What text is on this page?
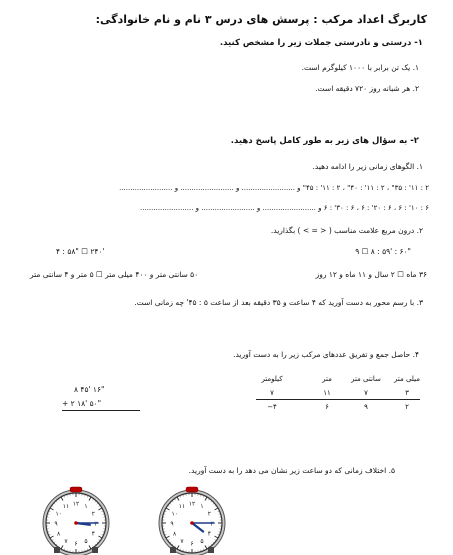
کاربرگ اعداد مرکب : پرسش های درس ۳ نام و نام خانوادگی:
۱- درستی و نادرستی جملات زیر را مشخص کنید.
۱. یک تن برابر با ۱۰۰۰ کیلوگرم است.
۲. هر شبانه روز ۷۲۰ دقیقه است.
۲- به سؤال های زیر به طور کامل پاسخ دهید.
۱. الگوهای زمانی زیر را ادامه دهید.
۲ : ۱۱' : ۳۵" ، ۲ : ۱۱' : ۴۰" ، ۲ : ۱۱' : ۴۵" و ........................ و ........................ و ........................
۶ : ۱۰' : ۶ ، ۶ : ۲۰' : ۶ ، ۶ : ۳۰' : ۶ و ........................ و ........................ و ........................
۲. درون مربع علامت مناسب ( < = > ) بگذارید.
۹ ☐ ۸ : ۵۹' : ۶۰"
۴ : ۵۸" ☐ ۲۴۰'
۳۶ ماه ☐ ۲ سال و ۱۱ ماه و ۱۲ روز
۵۰ سانتی متر و ۴۰۰ میلی متر ☐ ۵ متر و ۴ سانتی متر
۳. با رسم محور به دست آورید که ۴ ساعت و ۳۵ دقیقه بعد از ساعت ۵ : ۴۵' چه زمانی است.
۴. حاصل جمع و تفریق عددهای مرکب زیر را به دست آورید.
میلی متر
سانتی متر
متر
کیلومتر
۳
۷
۱۱
۷
۲
۹
۶
−۴
۸ ۴۵' ۱۶"
+ ۲ ۱۸' ۵۰"
۵. اختلاف زمانی که دو ساعت زیر نشان می دهد را به دست آورید.
۱
۲
۳
۴
۵
۶
۷
۸
۹
۱۰
۱۱ ۱۲	۱
۲
۳
۴
۵
۶
۷
۸
۹
۱۰
۱۱ ۱۲
